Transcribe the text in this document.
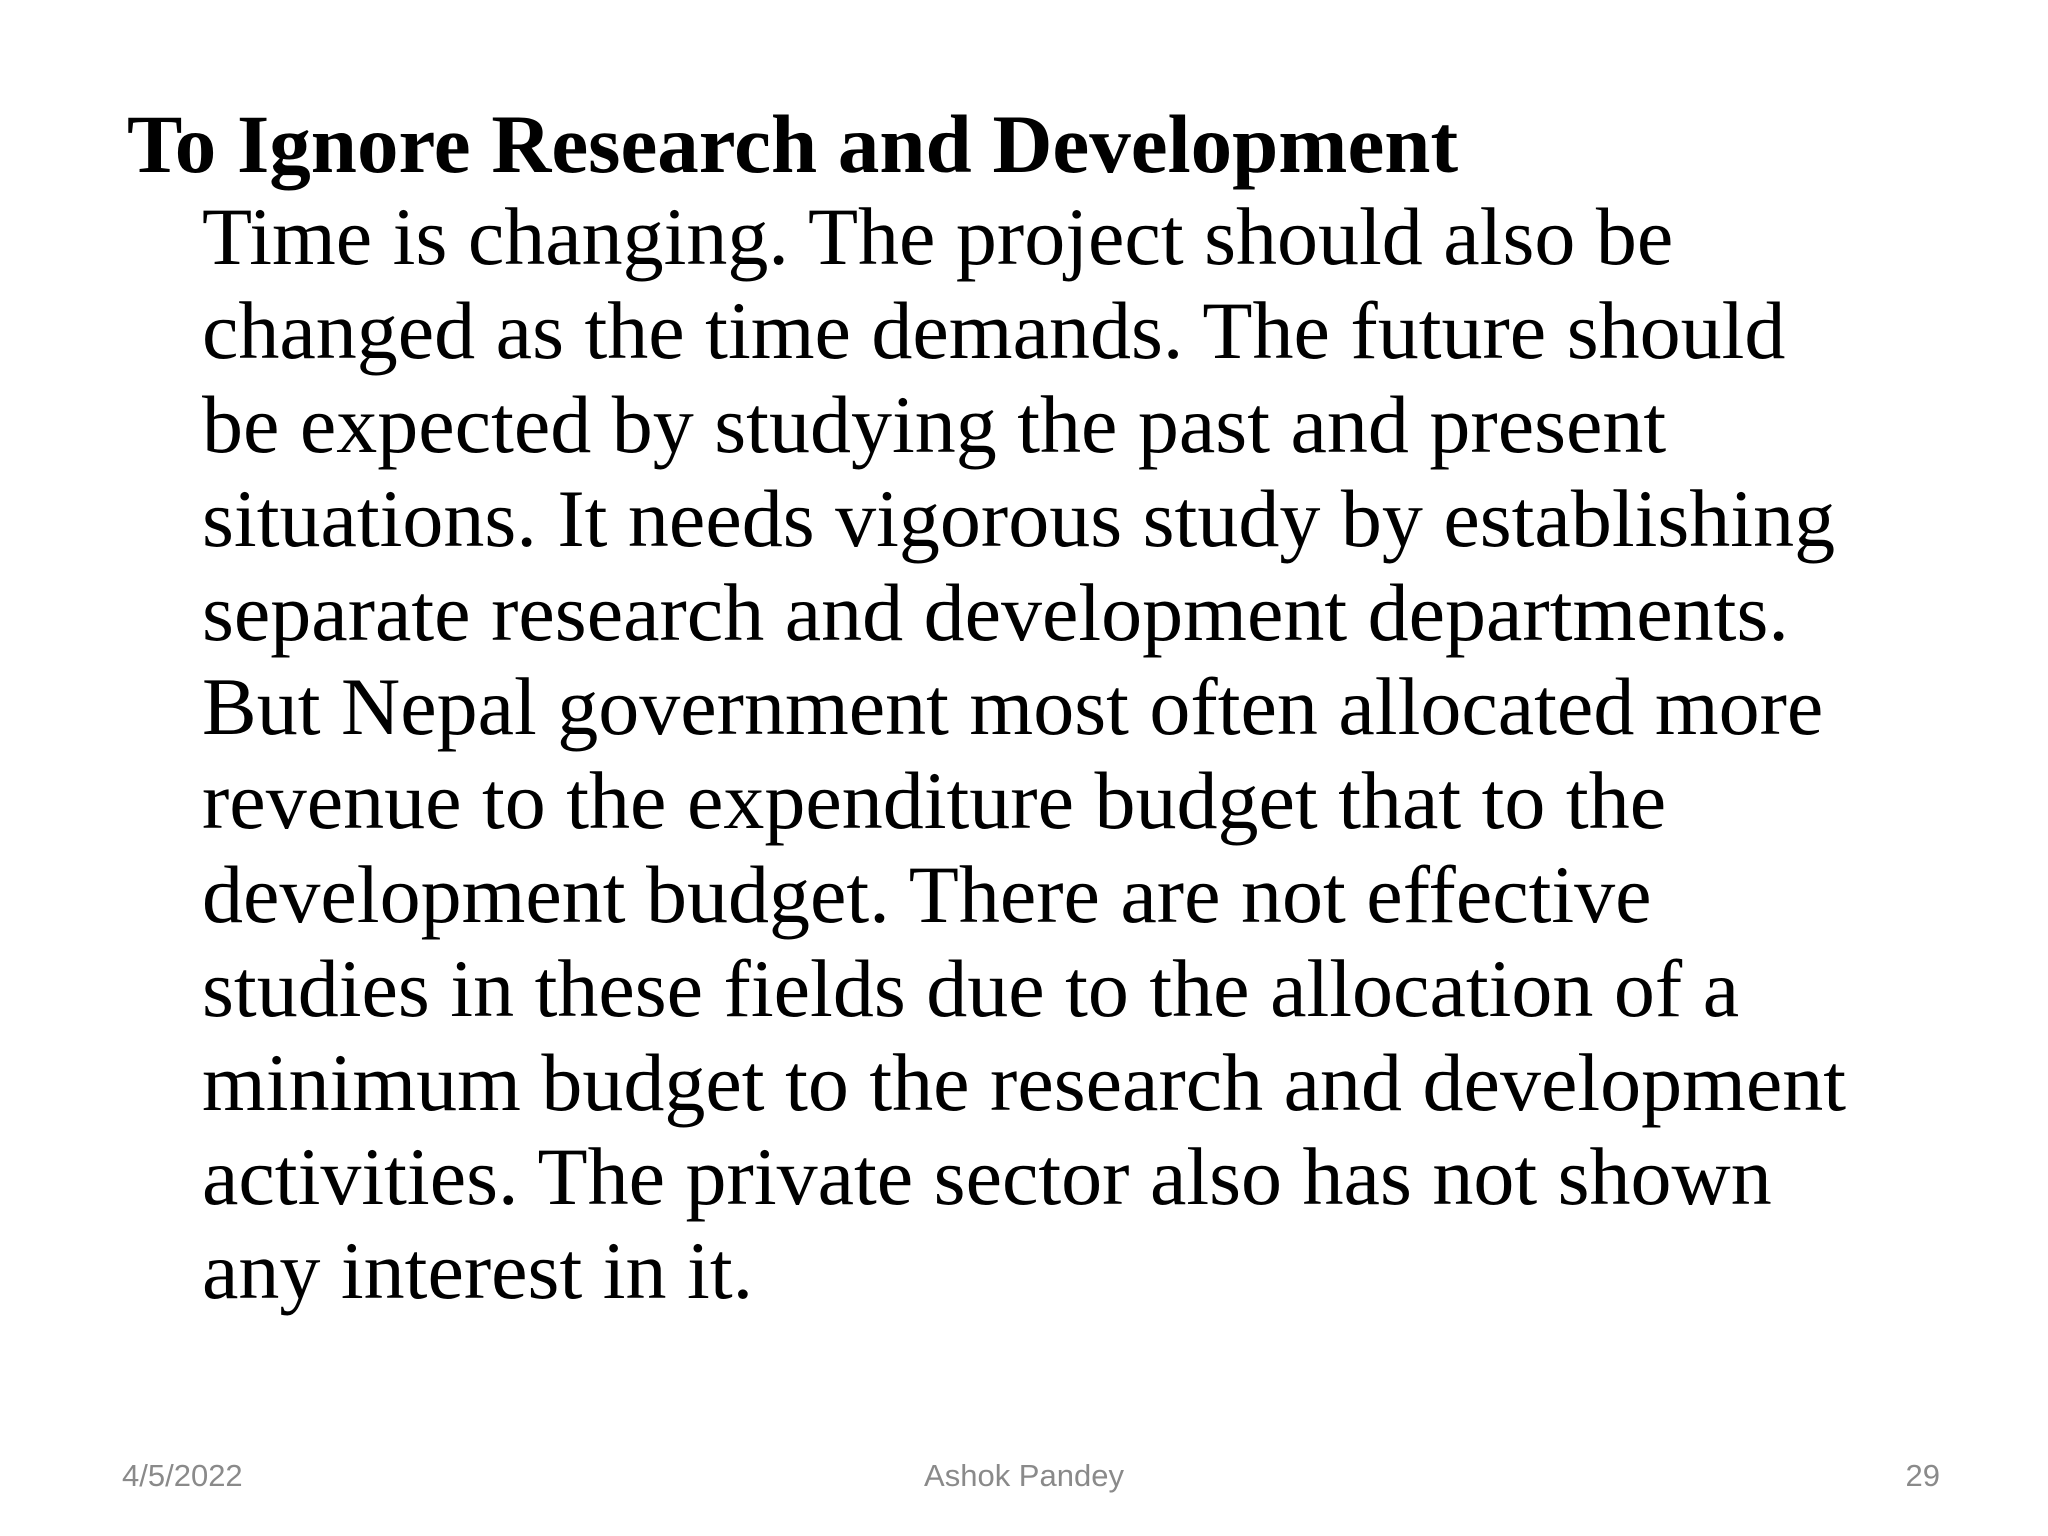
To Ignore Research and Development

Time is changing. The project should also be
changed as the time demands. The future should
be expected by studying the past and present
situations. It needs vigorous study by establishing
separate research and development departments.
But Nepal government most often allocated more
revenue to the expenditure budget that to the
development budget. There are not effective
studies in these fields due to the allocation of a
minimum budget to the research and development
activities. The private sector also has not shown
any interest in it.

4/5/2022	Ashok Pandey	29
